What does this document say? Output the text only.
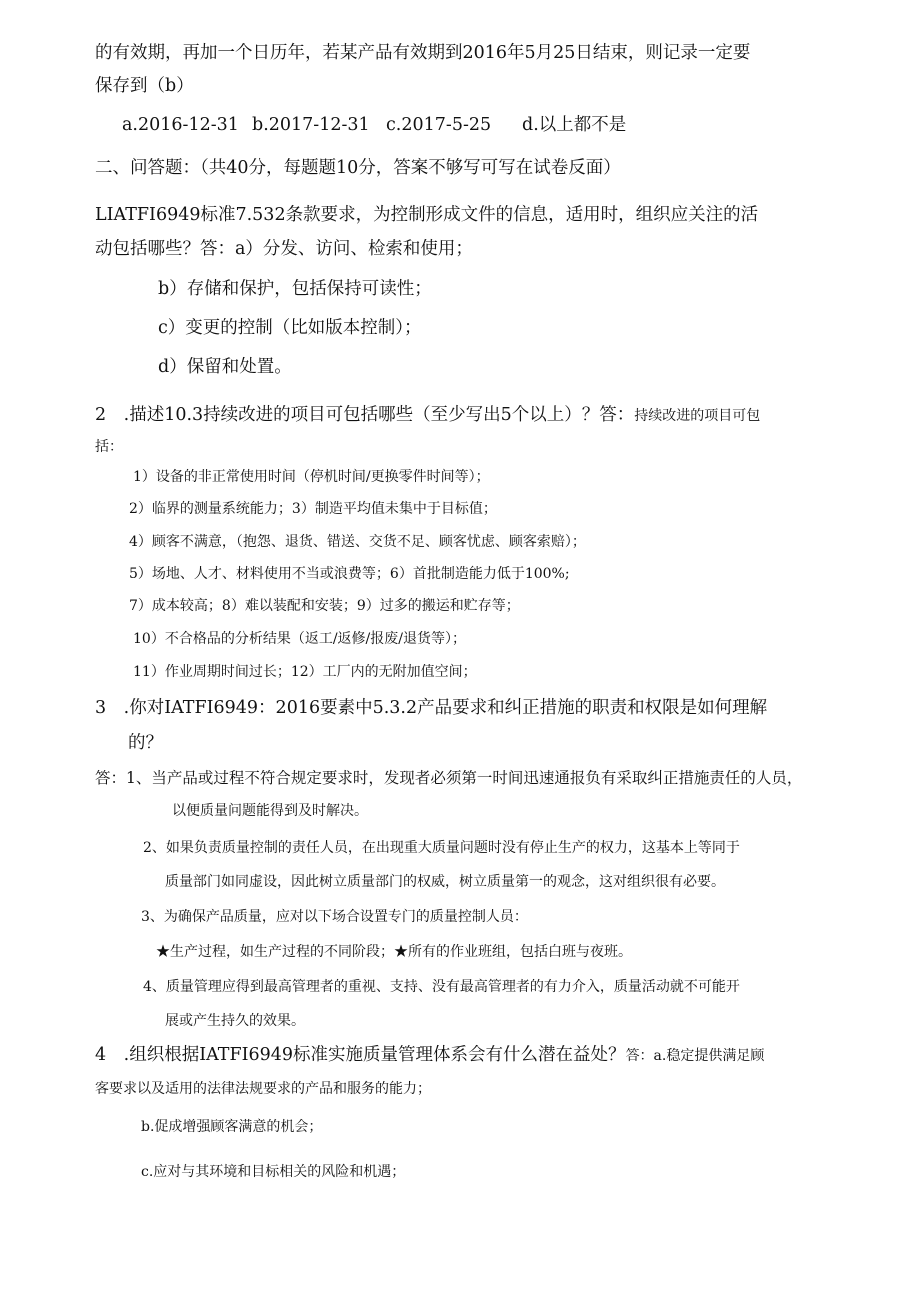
的有效期，再加一个日历年，若某产品有效期到2016年5月25日结束，则记录一定要
保存到（b）
a.2016-12-31 b.2017-12-31 c.2017-5-25 d.以上都不是
二、问答题：（共40分，每题题10分，答案不够写可写在试卷反面）
LIATFI6949标准7.532条款要求，为控制形成文件的信息，适用时，组织应关注的活
动包括哪些？答：a）分发、访问、检索和使用；
b）存储和保护，包括保持可读性；
c）变更的控制（比如版本控制）；
d）保留和处置。
2　.描述10.3持续改进的项目可包括哪些（至少写出5个以上）？答：持续改进的项目可包
括：
1）设备的非正常使用时间（停机时间/更换零件时间等）；
2）临界的测量系统能力；3）制造平均值未集中于目标值；
4）顾客不满意，（抱怨、退货、错送、交货不足、顾客忧虑、顾客索赔）；
5）场地、人才、材料使用不当或浪费等；6）首批制造能力低于100%;
7）成本较高；8）难以装配和安装；9）过多的搬运和贮存等；
10）不合格品的分析结果（返工/返修/报废/退货等）；
11）作业周期时间过长；12）工厂内的无附加值空间；
3　.你对IATFI6949：2016要素中5.3.2产品要求和纠正措施的职责和权限是如何理解
的？
答：1、当产品或过程不符合规定要求时，发现者必须第一时间迅速通报负有采取纠正措施责任的人员，
以便质量问题能得到及时解决。
2、如果负责质量控制的责任人员，在出现重大质量问题时没有停止生产的权力，这基本上等同于
质量部门如同虚设，因此树立质量部门的权威，树立质量第一的观念，这对组织很有必要。
3、为确保产品质量，应对以下场合设置专门的质量控制人员：
★生产过程，如生产过程的不同阶段；★所有的作业班组，包括白班与夜班。
4、质量管理应得到最高管理者的重视、支持、没有最高管理者的有力介入，质量活动就不可能开
展或产生持久的效果。
4　.组织根据IATFI6949标准实施质量管理体系会有什么潜在益处？答：a.稳定提供满足顾
客要求以及适用的法律法规要求的产品和服务的能力；
b.促成增强顾客满意的机会；
c.应对与其环境和目标相关的风险和机遇；
